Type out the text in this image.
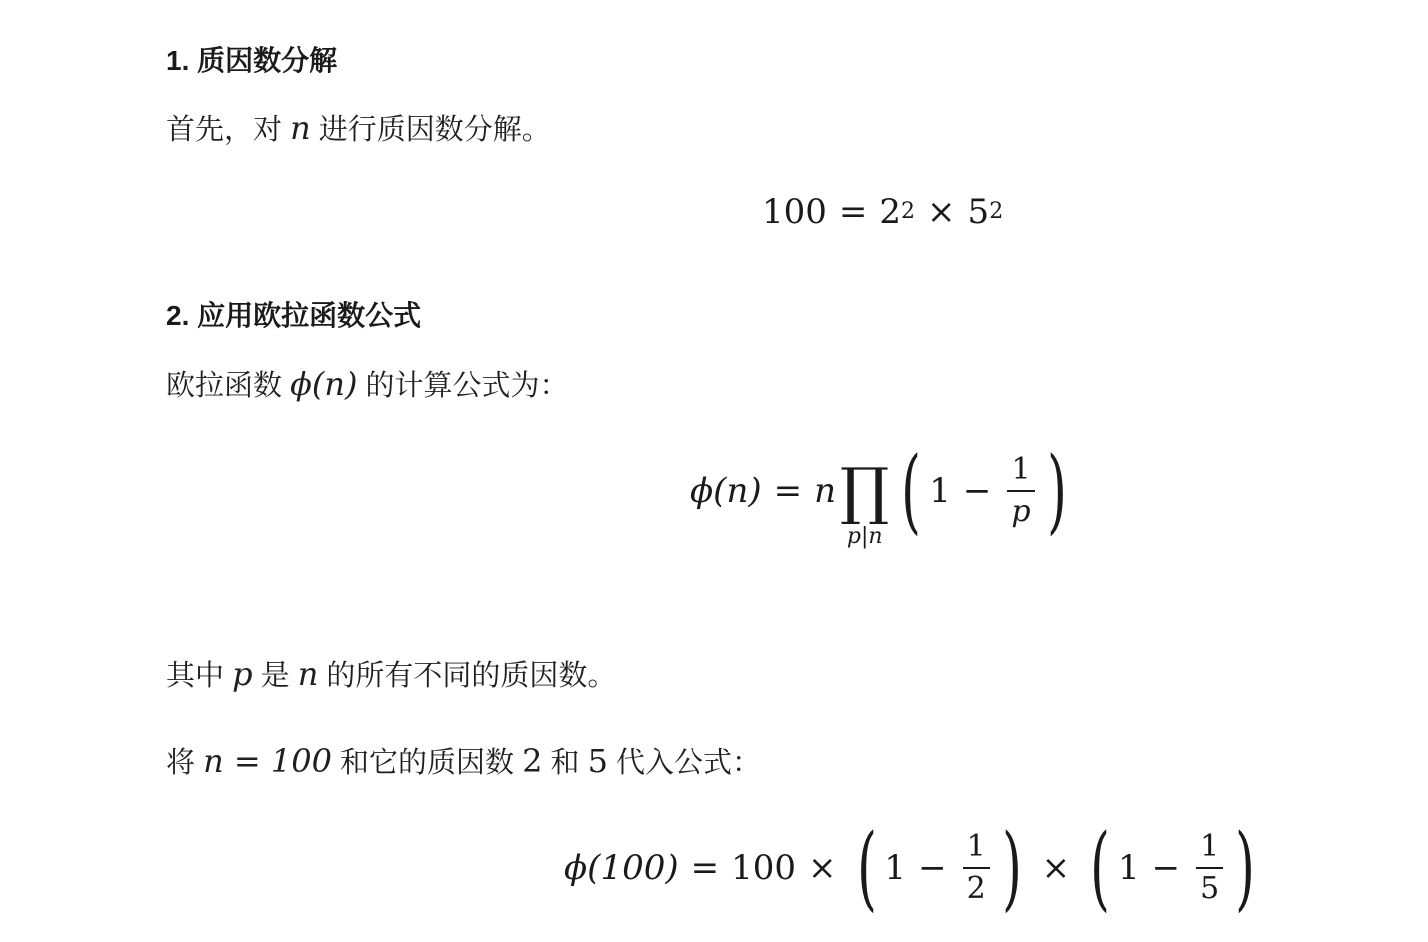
1. 质因数分解
首先，对 n 进行质因数分解。
100 = 2 2 × 5 2
2. 应用欧拉函数公式
欧拉函数 ϕ(n) 的计算公式为：
ϕ(n) = n ∏
p|n ( $1 - \frac{1}{p}$ )
其中 p 是 n 的所有不同的质因数。
将 n = 100 和它的质因数 2 和 5 代入公式：
ϕ(100) = 100 × ( $1 - \frac{1}{2}$ ) × ( $1 - \frac{1}{5}$ )
